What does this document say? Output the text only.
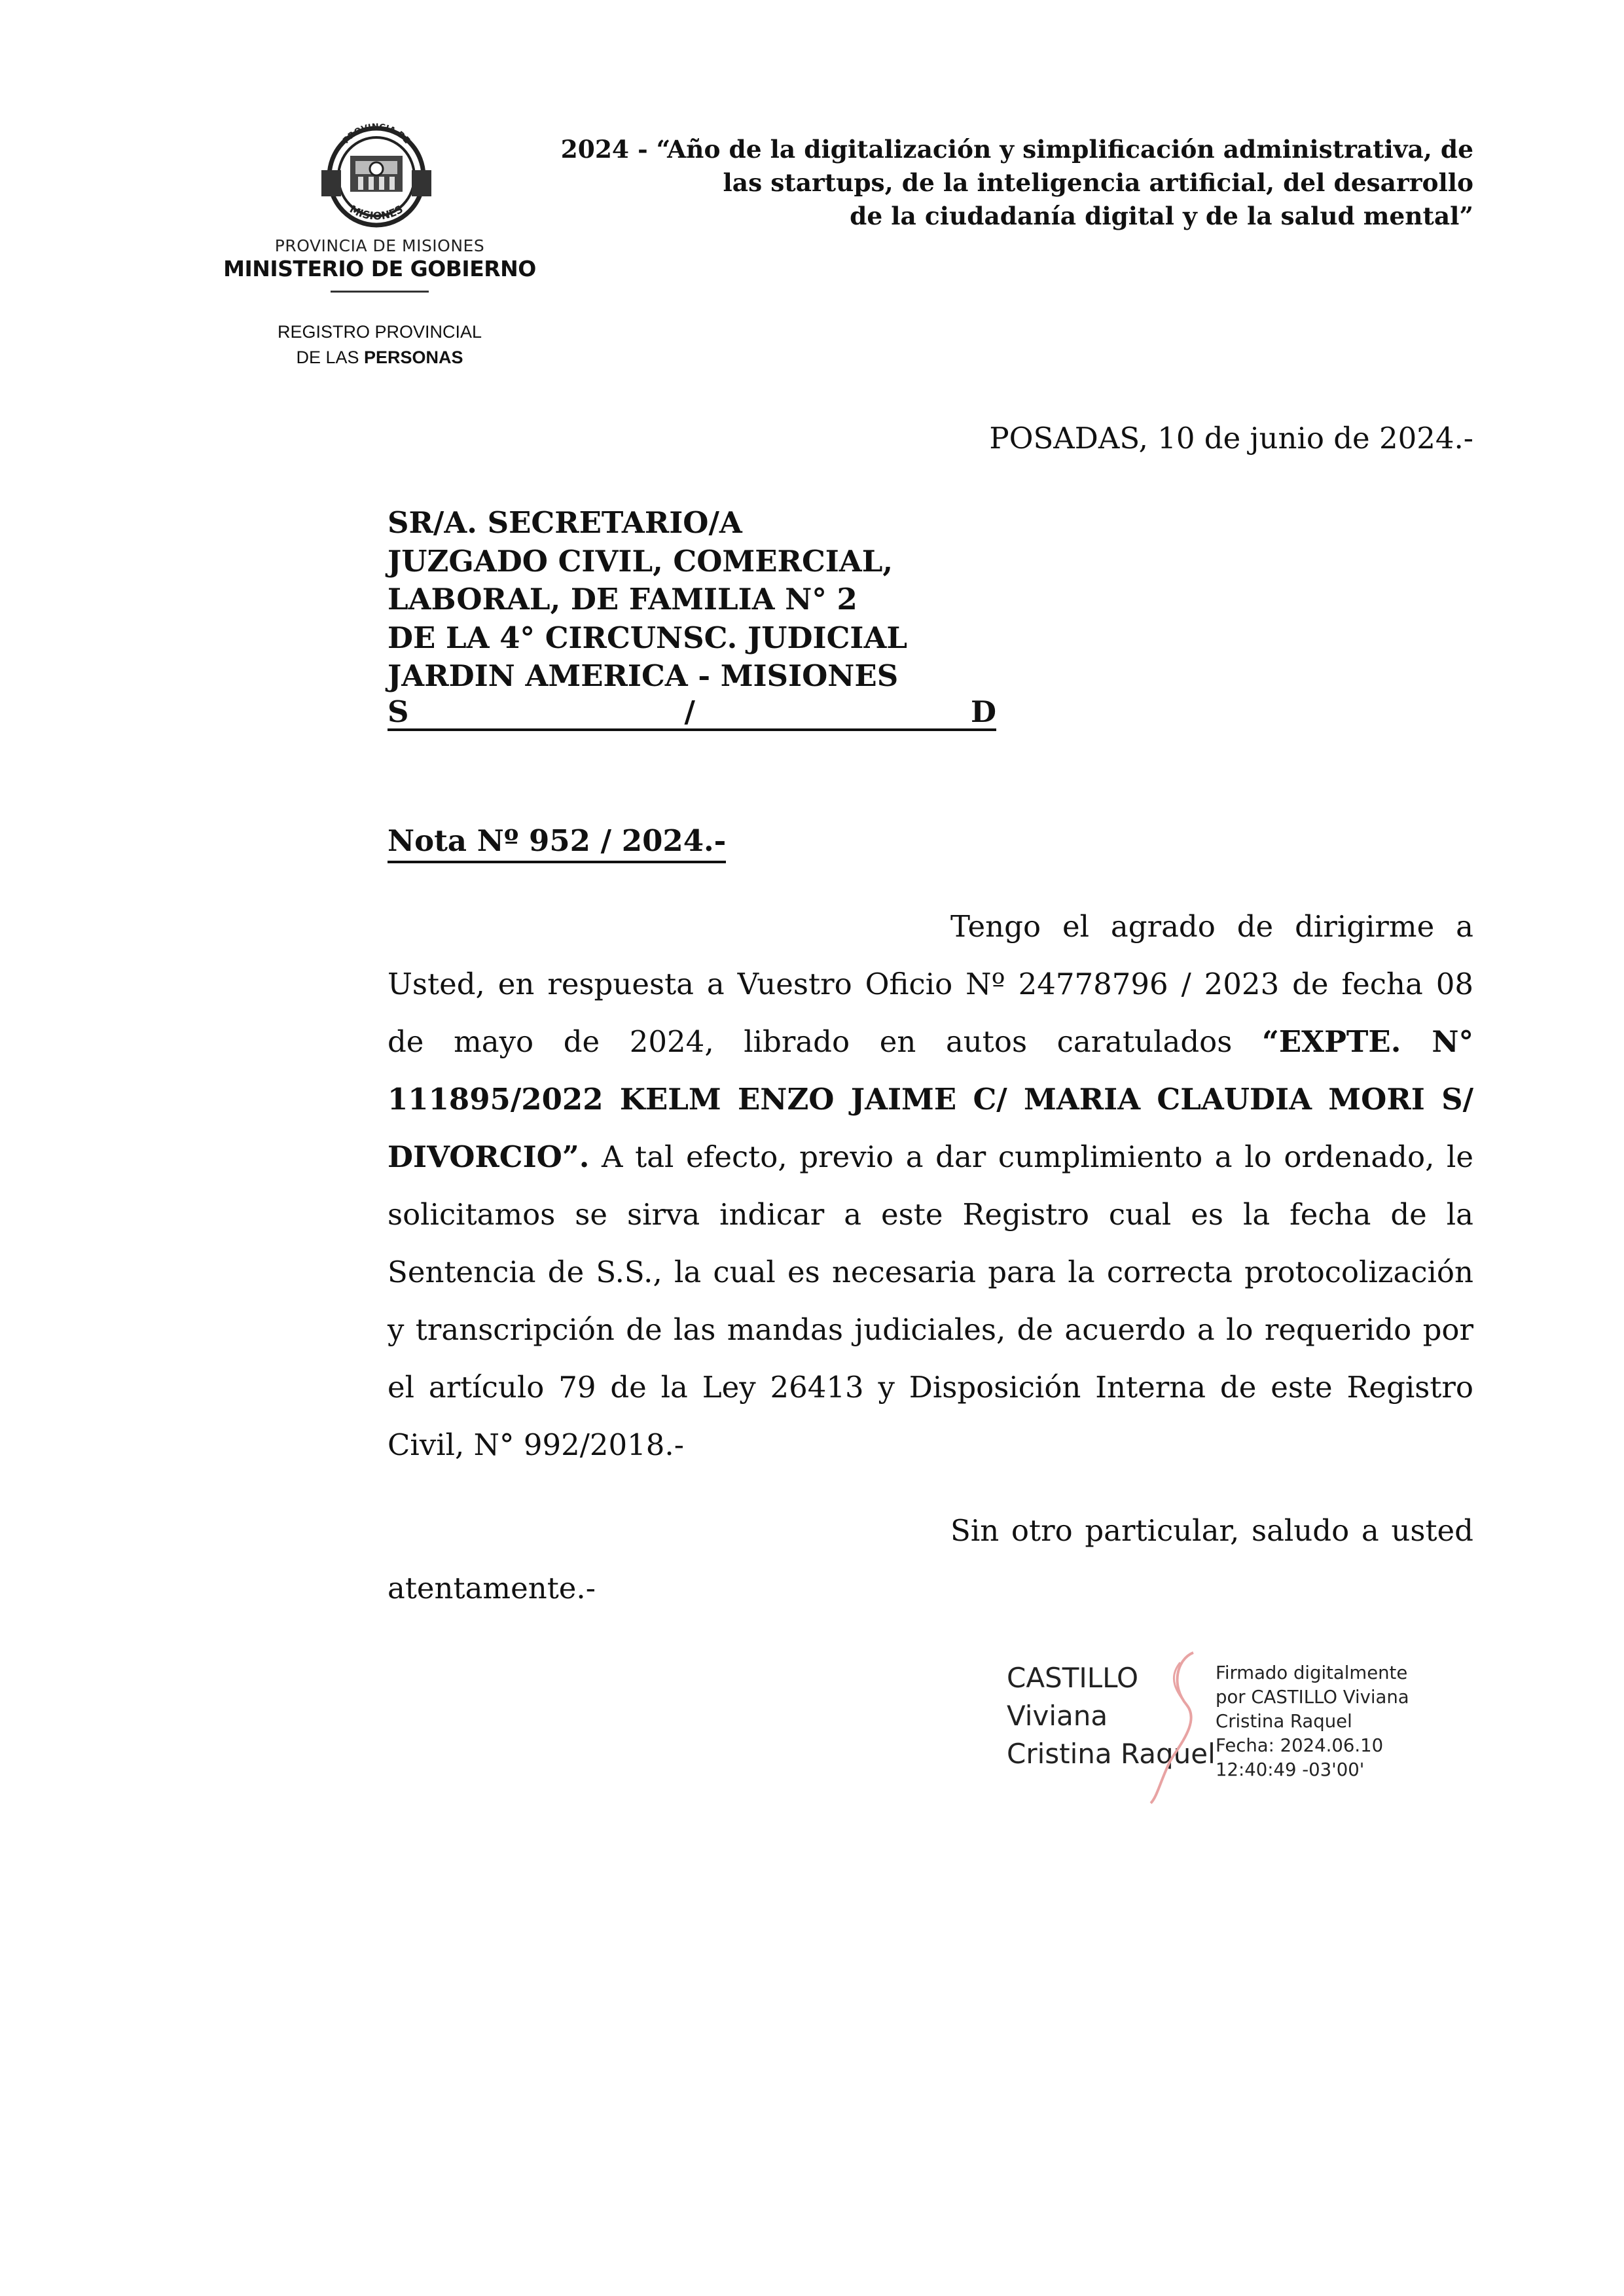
PROVINCIA DE
MISIONES
PROVINCIA DE MISIONES
MINISTERIO DE GOBIERNO
REGISTRO PROVINCIAL
DE LAS PERSONAS
2024 - “Año de la digitalización y simplificación administrativa, de
las startups, de la inteligencia artificial, del desarrollo
de la ciudadanía digital y de la salud mental”
POSADAS, 10 de junio de 2024.-
SR/A. SECRETARIO/A
JUZGADO CIVIL, COMERCIAL,
LABORAL, DE FAMILIA N° 2
DE LA 4° CIRCUNSC. JUDICIAL
JARDIN AMERICA - MISIONES
S	/	D
Nota Nº 952 / 2024.-
Tengo el agrado de dirigirme a Usted, en respuesta a Vuestro Oficio Nº 24778796 / 2023 de fecha 08 de mayo de 2024, librado en autos caratulados “EXPTE. N° 111895/2022 KELM ENZO JAIME C/ MARIA CLAUDIA MORI S/ DIVORCIO”. A tal efecto, previo a dar cumplimiento a lo ordenado, le solicitamos se sirva indicar a este Registro cual es la fecha de la Sentencia de S.S., la cual es necesaria para la correcta protocolización y transcripción de las mandas judiciales, de acuerdo a lo requerido por el artículo 79 de la Ley 26413 y Disposición Interna de este Registro Civil, N° 992/2018.-
Sin otro particular, saludo a usted atentamente.-
CASTILLO
Viviana
Cristina Raquel
Firmado digitalmente
por CASTILLO Viviana
Cristina Raquel
Fecha: 2024.06.10
12:40:49 -03'00'
